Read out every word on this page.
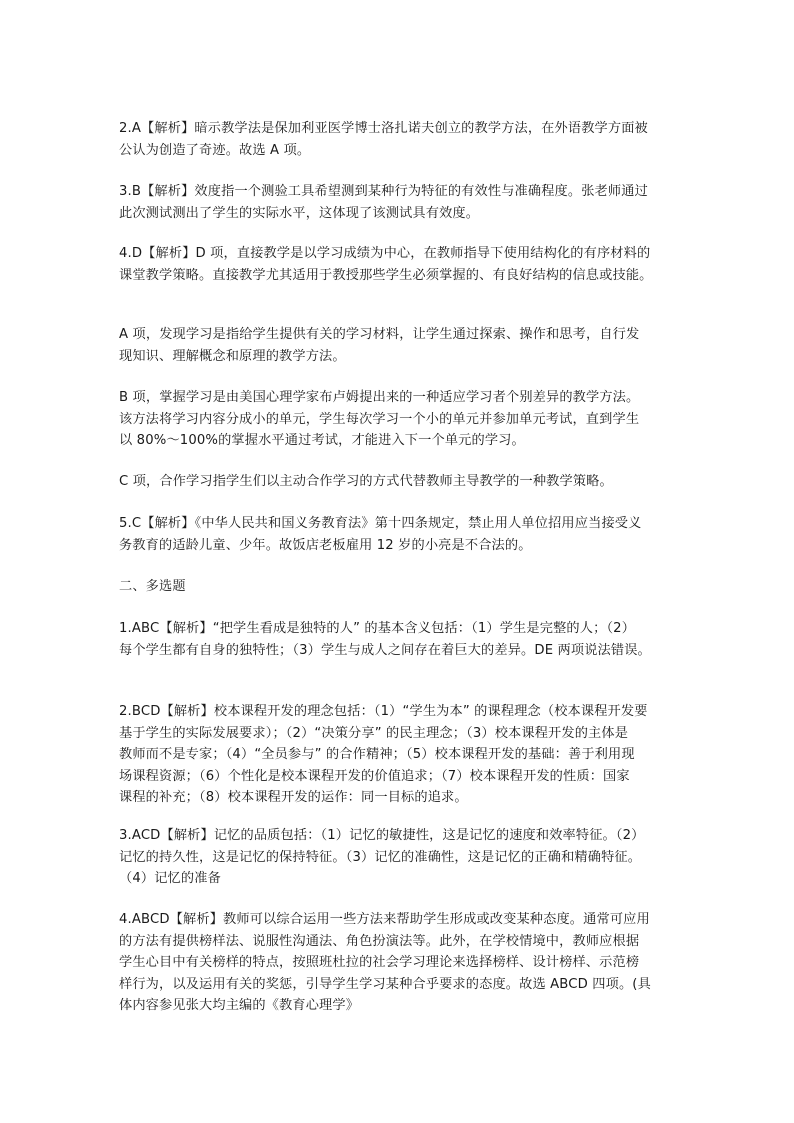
2.A【解析】暗示教学法是保加利亚医学博士洛扎诺夫创立的教学方法，在外语教学方面被
公认为创造了奇迹。故选 A 项。
3.B【解析】效度指一个测验工具希望测到某种行为特征的有效性与准确程度。张老师通过
此次测试测出了学生的实际水平，这体现了该测试具有效度。
4.D【解析】D 项，直接教学是以学习成绩为中心，在教师指导下使用结构化的有序材料的
课堂教学策略。直接教学尤其适用于教授那些学生必须掌握的、有良好结构的信息或技能。
A 项，发现学习是指给学生提供有关的学习材料，让学生通过探索、操作和思考，自行发
现知识、理解概念和原理的教学方法。
B 项，掌握学习是由美国心理学家布卢姆提出来的一种适应学习者个别差异的教学方法。
该方法将学习内容分成小的单元，学生每次学习一个小的单元并参加单元考试，直到学生
以 80%～100%的掌握水平通过考试，才能进入下一个单元的学习。
C 项，合作学习指学生们以主动合作学习的方式代替教师主导教学的一种教学策略。
5.C【解析】《中华人民共和国义务教育法》第十四条规定，禁止用人单位招用应当接受义
务教育的适龄儿童、少年。故饭店老板雇用 12 岁的小亮是不合法的。
二、多选题
1.ABC【解析】“把学生看成是独特的人” 的基本含义包括：（1）学生是完整的人；（2）
每个学生都有自身的独特性；（3）学生与成人之间存在着巨大的差异。DE 两项说法错误。
2.BCD【解析】校本课程开发的理念包括：（1）“学生为本” 的课程理念（校本课程开发要
基于学生的实际发展要求）；（2）“决策分享” 的民主理念；（3）校本课程开发的主体是
教师而不是专家；（4）“全员参与” 的合作精神；（5）校本课程开发的基础：善于利用现
场课程资源；（6）个性化是校本课程开发的价值追求；（7）校本课程开发的性质：国家
课程的补充；（8）校本课程开发的运作：同一目标的追求。
3.ACD【解析】记忆的品质包括：（1）记忆的敏捷性，这是记忆的速度和效率特征。（2）
记忆的持久性，这是记忆的保持特征。（3）记忆的准确性，这是记忆的正确和精确特征。
（4）记忆的准备
4.ABCD【解析】教师可以综合运用一些方法来帮助学生形成或改变某种态度。通常可应用
的方法有提供榜样法、说服性沟通法、角色扮演法等。此外，在学校情境中，教师应根据
学生心目中有关榜样的特点，按照班杜拉的社会学习理论来选择榜样、设计榜样、示范榜
样行为，以及运用有关的奖惩，引导学生学习某种合乎要求的态度。故选 ABCD 四项。(具
体内容参见张大均主编的《教育心理学》
